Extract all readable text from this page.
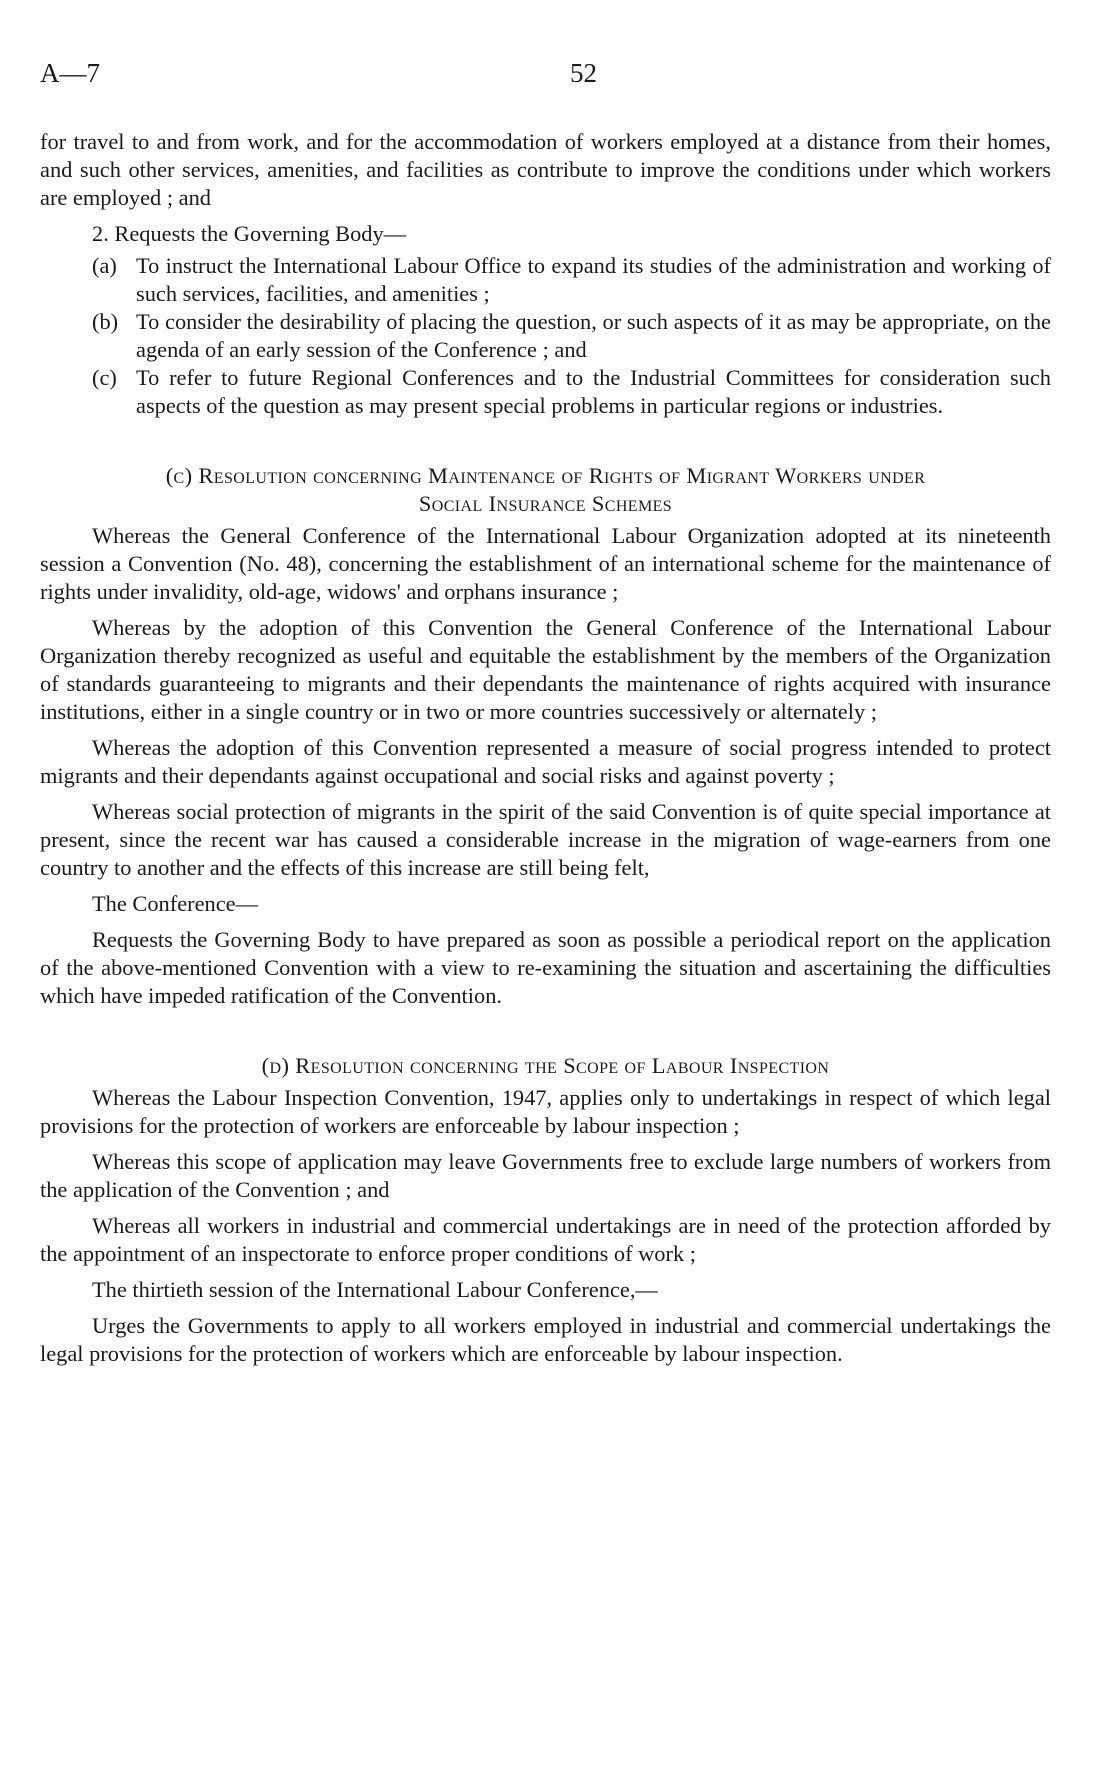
A—7	52

for travel to and from work, and for the accommodation of workers employed at a distance from their homes, and such other services, amenities, and facilities as contribute to improve the conditions under which workers are employed ; and

2. Requests the Governing Body—

(a) To instruct the International Labour Office to expand its studies of the administration and working of such services, facilities, and amenities ;
(b) To consider the desirability of placing the question, or such aspects of it as may be appropriate, on the agenda of an early session of the Conference ; and
(c) To refer to future Regional Conferences and to the Industrial Committees for consideration such aspects of the question as may present special problems in particular regions or industries.
(c) Resolution concerning Maintenance of Rights of Migrant Workers under
Social Insurance Schemes

Whereas the General Conference of the International Labour Organization adopted at its nineteenth session a Convention (No. 48), concerning the establishment of an international scheme for the maintenance of rights under invalidity, old-age, widows' and orphans insurance ;

Whereas by the adoption of this Convention the General Conference of the International Labour Organization thereby recognized as useful and equitable the establishment by the members of the Organization of standards guaranteeing to migrants and their dependants the maintenance of rights acquired with insurance institutions, either in a single country or in two or more countries successively or alternately ;

Whereas the adoption of this Convention represented a measure of social progress intended to protect migrants and their dependants against occupational and social risks and against poverty ;

Whereas social protection of migrants in the spirit of the said Convention is of quite special importance at present, since the recent war has caused a considerable increase in the migration of wage-earners from one country to another and the effects of this increase are still being felt,

The Conference—

Requests the Governing Body to have prepared as soon as possible a periodical report on the application of the above-mentioned Convention with a view to re-examining the situation and ascertaining the difficulties which have impeded ratification of the Convention.

(d) Resolution concerning the Scope of Labour Inspection

Whereas the Labour Inspection Convention, 1947, applies only to undertakings in respect of which legal provisions for the protection of workers are enforceable by labour inspection ;

Whereas this scope of application may leave Governments free to exclude large numbers of workers from the application of the Convention ; and

Whereas all workers in industrial and commercial undertakings are in need of the protection afforded by the appointment of an inspectorate to enforce proper conditions of work ;

The thirtieth session of the International Labour Conference,—

Urges the Governments to apply to all workers employed in industrial and commercial undertakings the legal provisions for the protection of workers which are enforceable by labour inspection.
